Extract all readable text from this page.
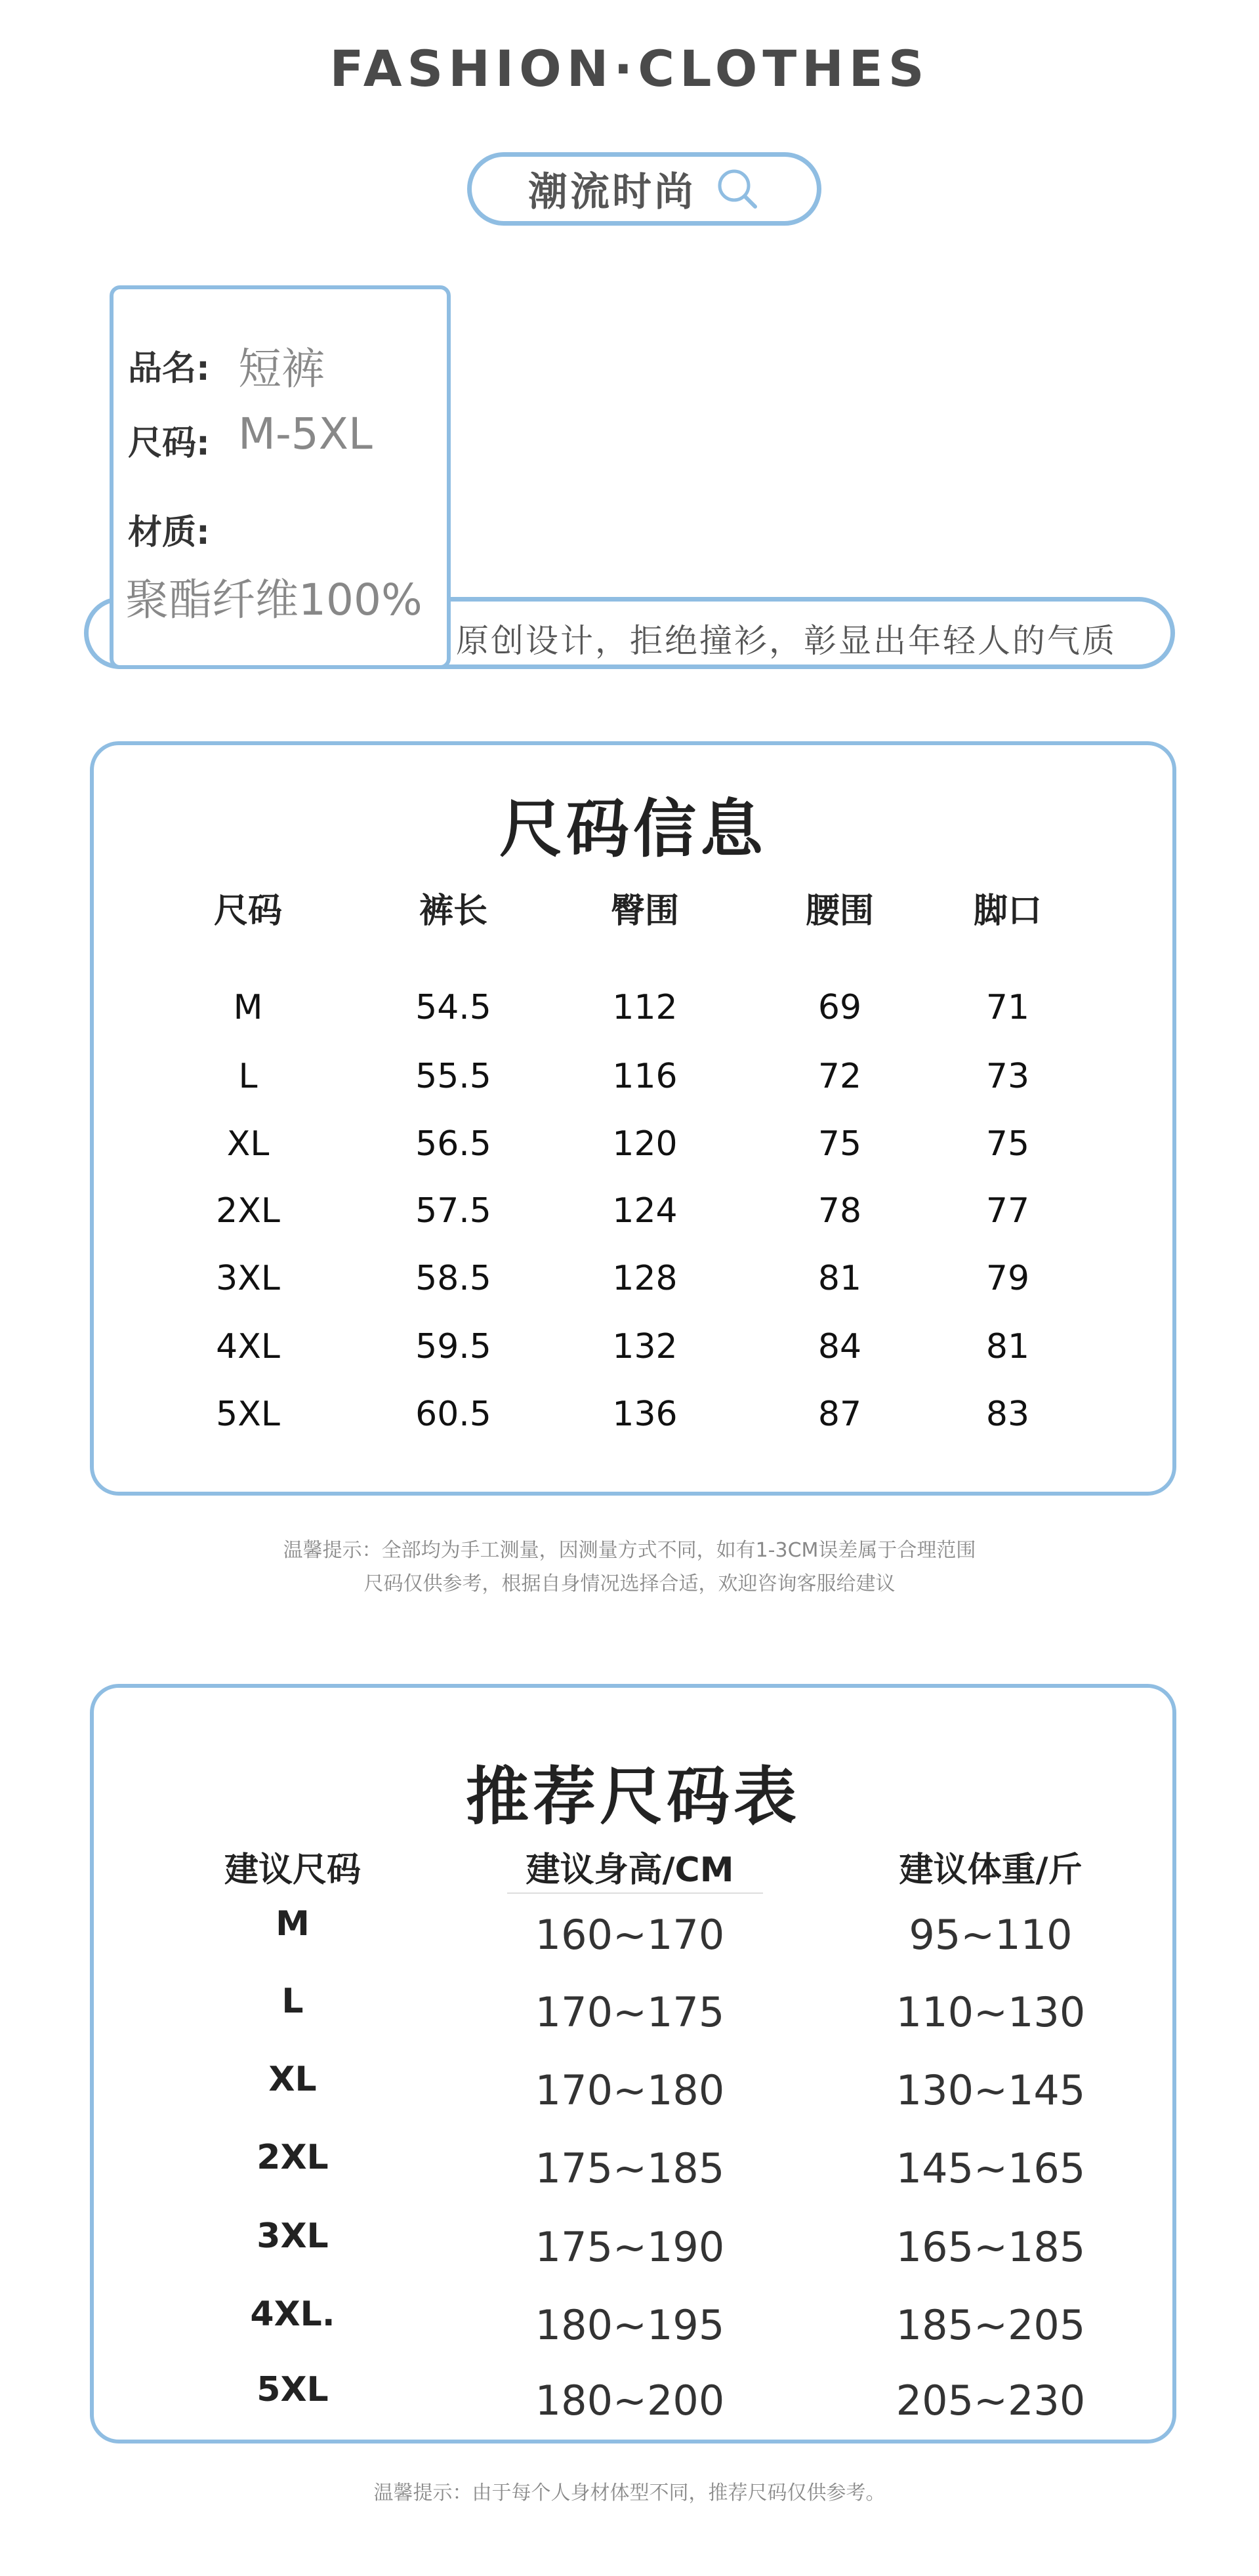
FASHION·CLOTHES
潮流时尚
原创设计，拒绝撞衫，彰显出年轻人的气质
品名: 短裤
尺码: M-5XL
材质:
聚酯纤维100%
尺码信息
尺码	裤长	臀围	腰围	脚口
M	54.5	112	69	71
L	55.5	116	72	73
XL	56.5	120	75	75
2XL	57.5	124	78	77
3XL	58.5	128	81	79
4XL	59.5	132	84	81
5XL	60.5	136	87	83
温馨提示：全部均为手工测量，因测量方式不同，如有1-3CM误差属于合理范围
尺码仅供参考，根据自身情况选择合适，欢迎咨询客服给建议
推荐尺码表
建议尺码	建议身高/CM	建议体重/斤
M	160~170	95~110
L	170~175	110~130
XL	170~180	130~145
2XL	175~185	145~165
3XL	175~190	165~185
4XL.	180~195	185~205
5XL	180~200	205~230
温馨提示：由于每个人身材体型不同，推荐尺码仅供参考。
